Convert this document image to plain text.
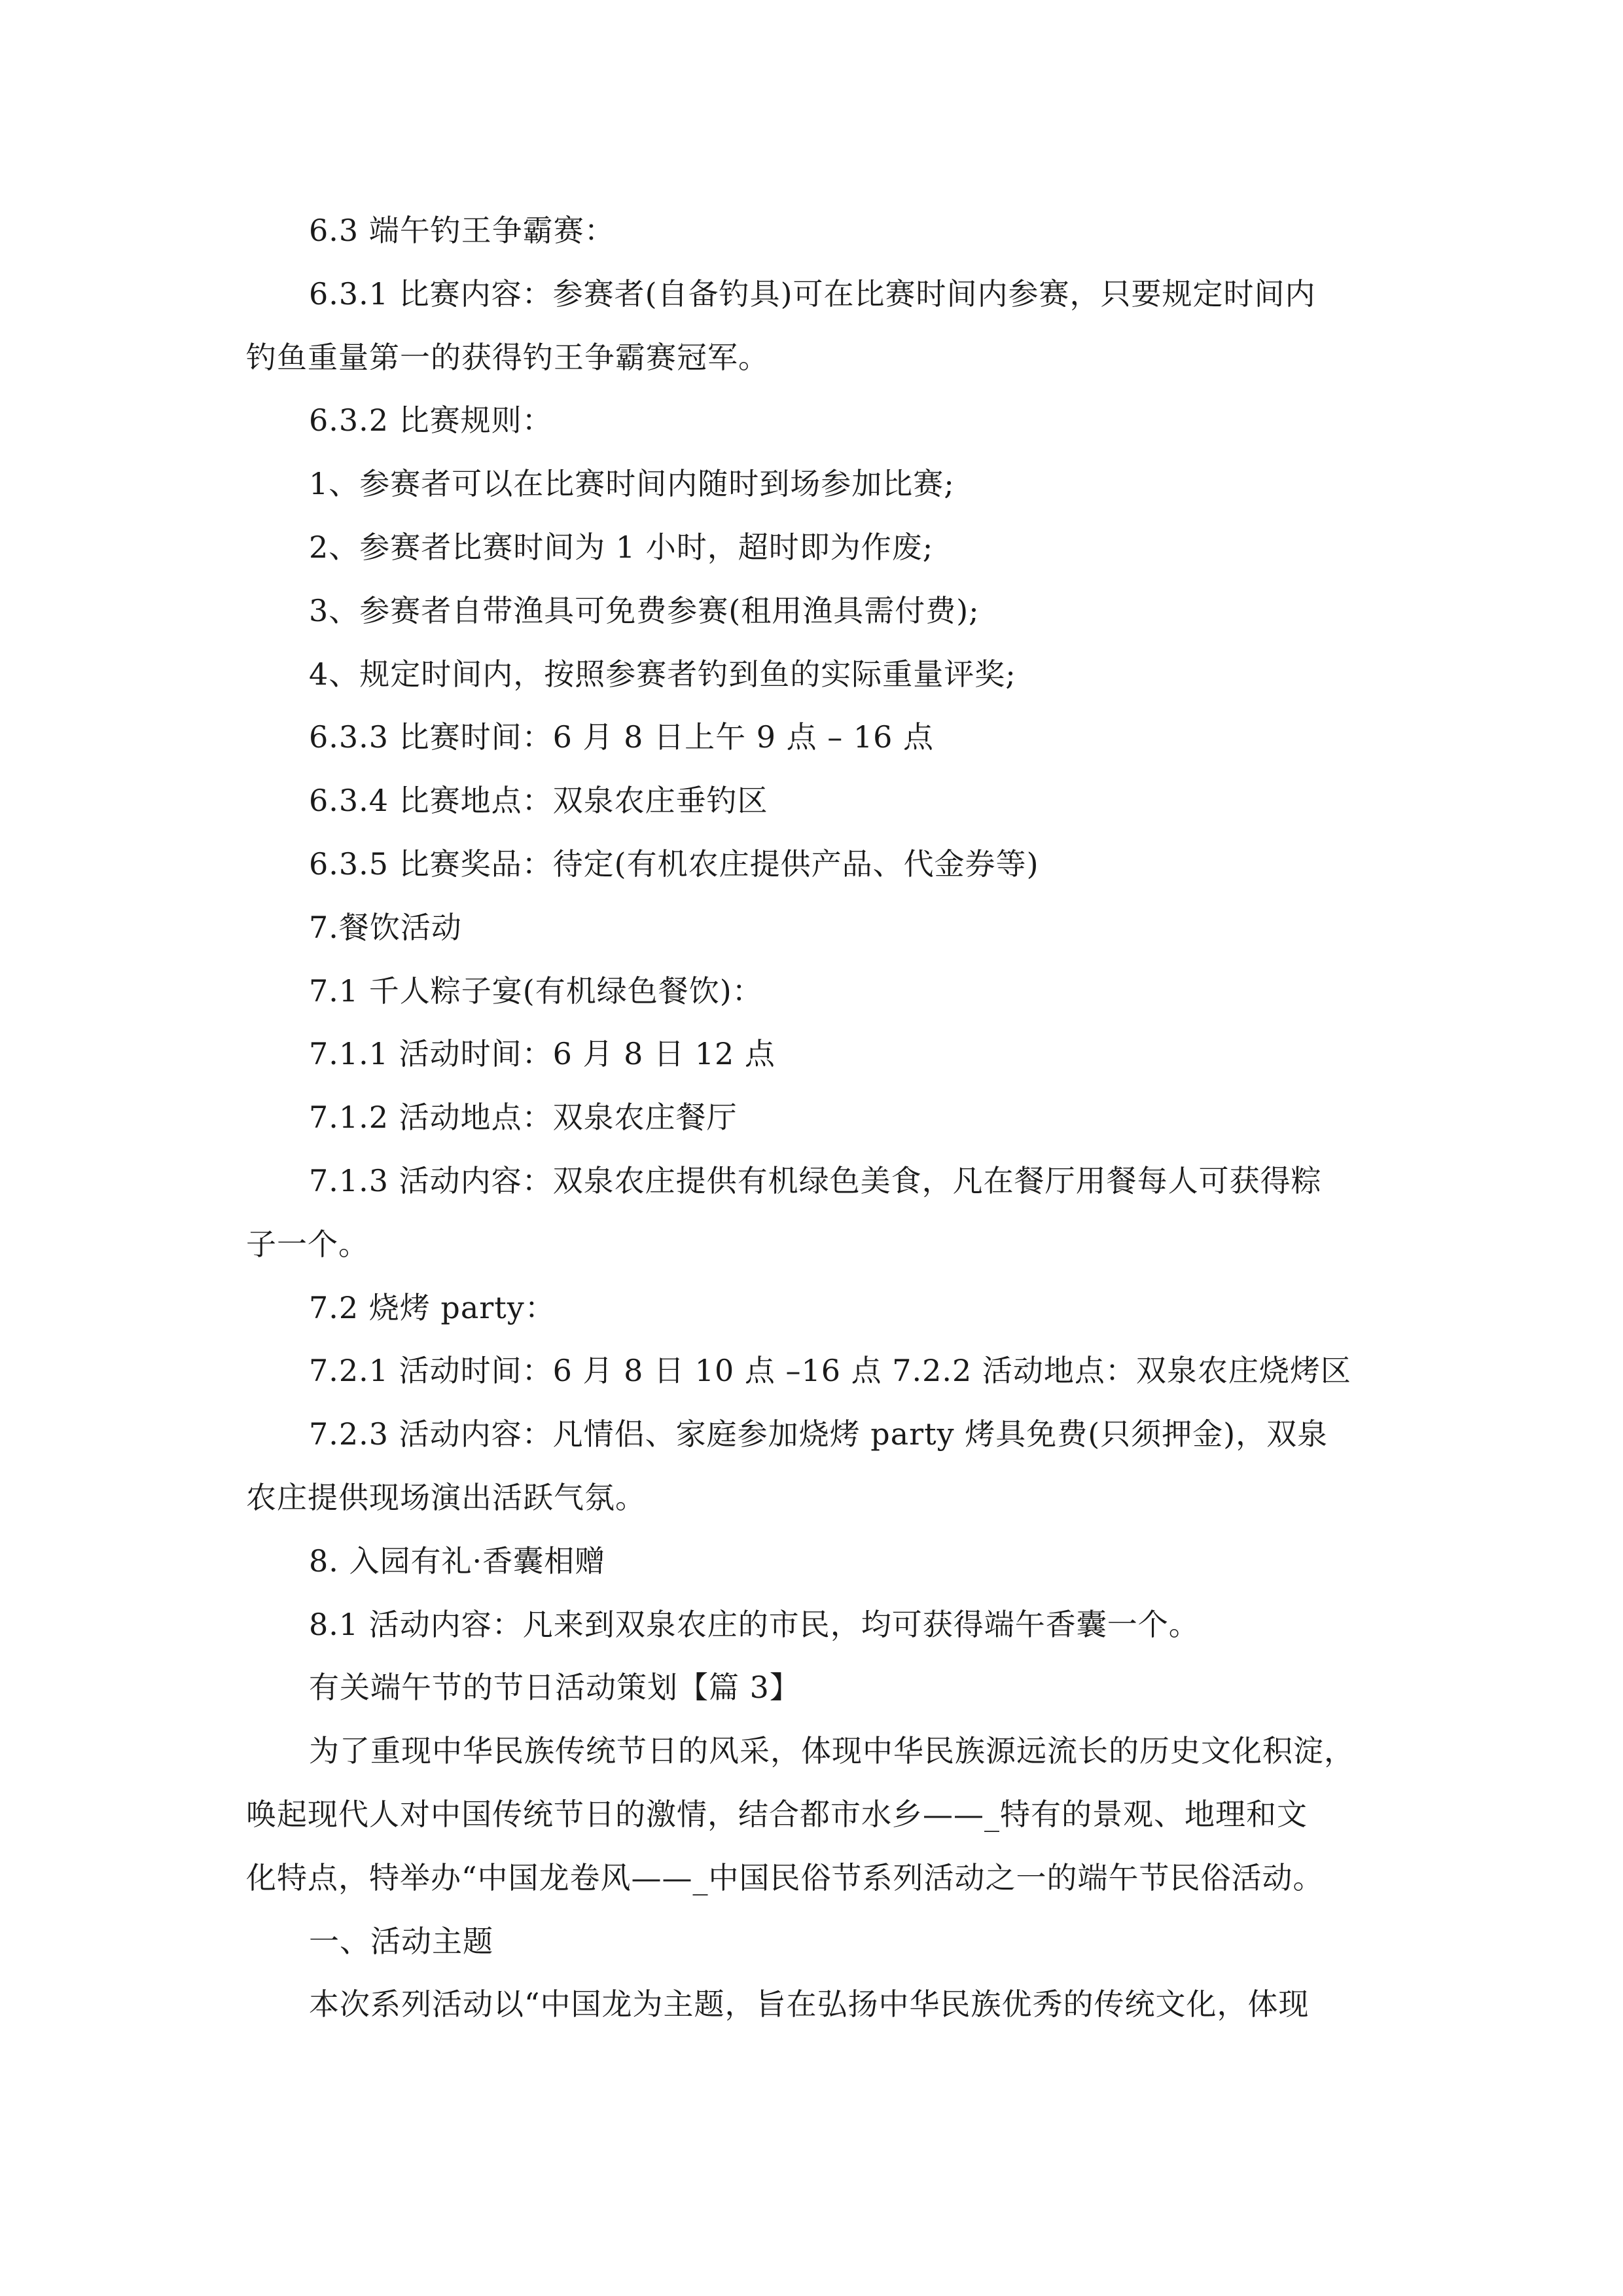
6.3 端午钓王争霸赛：
6.3.1 比赛内容：参赛者(自备钓具)可在比赛时间内参赛，只要规定时间内
钓鱼重量第一的获得钓王争霸赛冠军。
6.3.2 比赛规则：
1、参赛者可以在比赛时间内随时到场参加比赛;
2、参赛者比赛时间为 1 小时，超时即为作废;
3、参赛者自带渔具可免费参赛(租用渔具需付费);
4、规定时间内，按照参赛者钓到鱼的实际重量评奖;
6.3.3 比赛时间：6 月 8 日上午 9 点 – 16 点
6.3.4 比赛地点：双泉农庄垂钓区
6.3.5 比赛奖品：待定(有机农庄提供产品、代金券等)
7.餐饮活动
7.1 千人粽子宴(有机绿色餐饮)：
7.1.1 活动时间：6 月 8 日 12 点
7.1.2 活动地点：双泉农庄餐厅
7.1.3 活动内容：双泉农庄提供有机绿色美食，凡在餐厅用餐每人可获得粽
子一个。
7.2 烧烤 party：
7.2.1 活动时间：6 月 8 日 10 点 –16 点 7.2.2 活动地点：双泉农庄烧烤区
7.2.3 活动内容：凡情侣、家庭参加烧烤 party 烤具免费(只须押金)，双泉
农庄提供现场演出活跃气氛。
8. 入园有礼·香囊相赠
8.1 活动内容：凡来到双泉农庄的市民，均可获得端午香囊一个。
有关端午节的节日活动策划【篇 3】
为了重现中华民族传统节日的风采，体现中华民族源远流长的历史文化积淀，
唤起现代人对中国传统节日的激情，结合都市水乡——_特有的景观、地理和文
化特点，特举办“中国龙卷风——_中国民俗节系列活动之一的端午节民俗活动。
一、活动主题
本次系列活动以“中国龙为主题，旨在弘扬中华民族优秀的传统文化，体现
